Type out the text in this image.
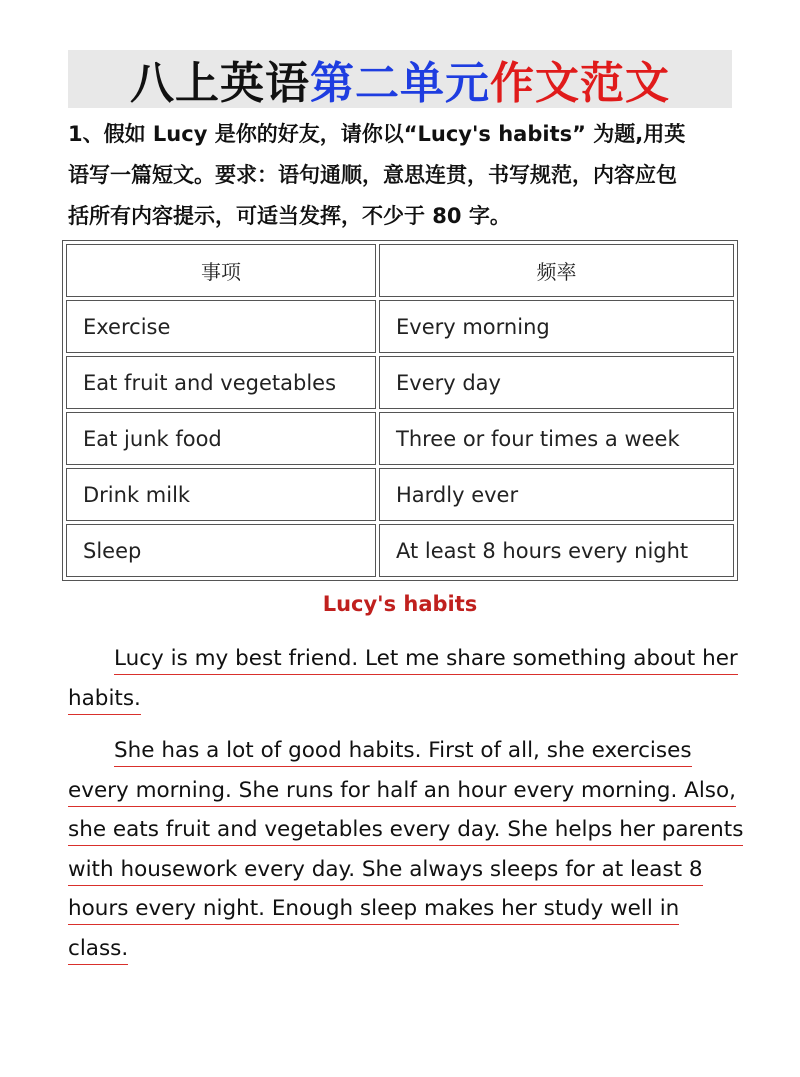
八上英语 第二单元 作文范文
1、假如 Lucy 是你的好友，请你以“Lucy's habits” 为题,用英
语写一篇短文。要求：语句通顺，意思连贯，书写规范，内容应包
括所有内容提示，可适当发挥，不少于 80 字。
事项	频率
Exercise	Every morning
Eat fruit and vegetables	Every day
Eat junk food	Three or four times a week
Drink milk	Hardly ever
Sleep	At least 8 hours every night
Lucy's habits
Lucy is my best friend. Let me share something about her
habits.
She has a lot of good habits. First of all, she exercises
every morning. She runs for half an hour every morning. Also,
she eats fruit and vegetables every day. She helps her parents
with housework every day. She always sleeps for at least 8
hours every night. Enough sleep makes her study well in
class.
